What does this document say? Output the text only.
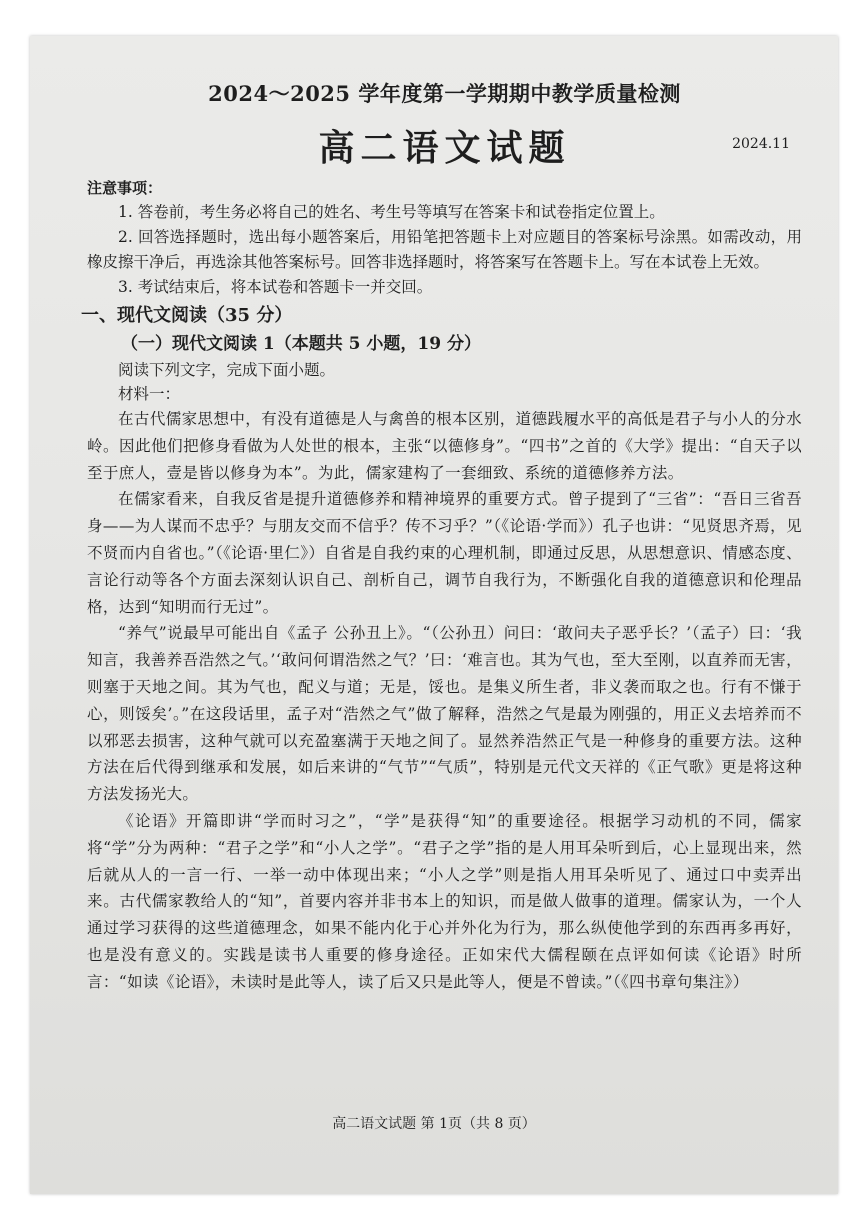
2024～2025 学年度第一学期期中教学质量检测
高二语文试题	2024.11
注意事项：

1. 答卷前，考生务必将自己的姓名、考生号等填写在答案卡和试卷指定位置上。

2. 回答选择题时，选出每小题答案后，用铅笔把答题卡上对应题目的答案标号涂黑。如需改动，用橡皮擦干净后，再选涂其他答案标号。回答非选择题时，将答案写在答题卡上。写在本试卷上无效。

3. 考试结束后，将本试卷和答题卡一并交回。

一、现代文阅读（35 分）
（一）现代文阅读 1（本题共 5 小题，19 分）

阅读下列文字，完成下面小题。

材料一：

在古代儒家思想中，有没有道德是人与禽兽的根本区别，道德践履水平的高低是君子与小人的分水岭。因此他们把修身看做为人处世的根本，主张“以德修身”。“四书”之首的《大学》提出：“自天子以至于庶人，壹是皆以修身为本”。为此，儒家建构了一套细致、系统的道德修养方法。

在儒家看来，自我反省是提升道德修养和精神境界的重要方式。曾子提到了“三省”：“吾日三省吾身——为人谋而不忠乎？与朋友交而不信乎？传不习乎？”（《论语·学而》）孔子也讲：“见贤思齐焉，见不贤而内自省也。”（《论语·里仁》）自省是自我约束的心理机制，即通过反思，从思想意识、情感态度、言论行动等各个方面去深刻认识自己、剖析自己，调节自我行为，不断强化自我的道德意识和伦理品格，达到“知明而行无过”。

“养气”说最早可能出自《孟子 公孙丑上》。“（公孙丑）问曰：‘敢问夫子恶乎长？’（孟子）曰：‘我知言，我善养吾浩然之气。’‘敢问何谓浩然之气？’曰：‘难言也。其为气也，至大至刚，以直养而无害，则塞于天地之间。其为气也，配义与道；无是，馁也。是集义所生者，非义袭而取之也。行有不慊于心，则馁矣’。”在这段话里，孟子对“浩然之气”做了解释，浩然之气是最为刚强的，用正义去培养而不以邪恶去损害，这种气就可以充盈塞满于天地之间了。显然养浩然正气是一种修身的重要方法。这种方法在后代得到继承和发展，如后来讲的“气节”“气质”，特别是元代文天祥的《正气歌》更是将这种方法发扬光大。

《论语》开篇即讲“学而时习之”，“学”是获得“知”的重要途径。根据学习动机的不同，儒家将“学”分为两种：“君子之学”和“小人之学”。“君子之学”指的是人用耳朵听到后，心上显现出来，然后就从人的一言一行、一举一动中体现出来；“小人之学”则是指人用耳朵听见了、通过口中卖弄出来。古代儒家教给人的“知”，首要内容并非书本上的知识，而是做人做事的道理。儒家认为，一个人通过学习获得的这些道德理念，如果不能内化于心并外化为行为，那么纵使他学到的东西再多再好，也是没有意义的。实践是读书人重要的修身途径。正如宋代大儒程颐在点评如何读《论语》时所言：“如读《论语》，未读时是此等人，读了后又只是此等人，便是不曾读。”（《四书章句集注》）

高二语文试题 第 1页（共 8 页）
